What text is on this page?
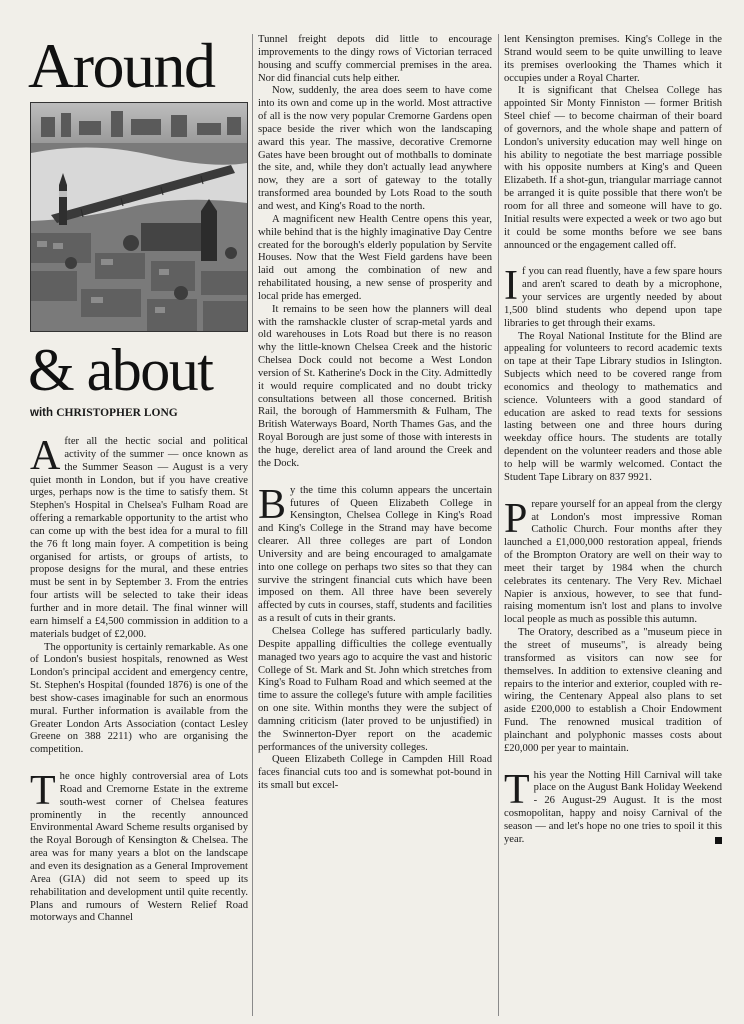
Around
& about
with CHRISTOPHER LONG

After all the hectic social and political activity of the summer — once known as the Summer Season — August is a very quiet month in London, but if you have creative urges, perhaps now is the time to satisfy them. St Stephen's Hospital in Chelsea's Fulham Road are offering a remarkable opportunity to the artist who can come up with the best idea for a mural to fill the 76 ft long main foyer. A competition is being organised for artists, or groups of artists, to propose designs for the mural, and these entries must be sent in by September 3. From the entries four artists will be selected to take their ideas further and in more detail. The final winner will earn himself a £4,500 commission in addition to a materials budget of £2,000.

The opportunity is certainly remarkable. As one of London's busiest hospitals, renowned as West London's principal accident and emergency centre, St. Stephen's Hospital (founded 1876) is one of the best show-cases imaginable for such an enormous mural. Further information is available from the Greater London Arts Association (contact Lesley Greene on 388 2211) who are organising the competition.

The once highly controversial area of Lots Road and Cremorne Estate in the extreme south-west corner of Chelsea features prominently in the recently announced Environmental Award Scheme results organised by the Royal Borough of Kensington & Chelsea. The area was for many years a blot on the landscape and even its designation as a General Improvement Area (GIA) did not seem to speed up its rehabilitation and development until quite recently. Plans and rumours of Western Relief Road motorways and Channel

Tunnel freight depots did little to encourage improvements to the dingy rows of Victorian terraced housing and scuffy commercial premises in the area. Nor did financial cuts help either.

Now, suddenly, the area does seem to have come into its own and come up in the world. Most attractive of all is the now very popular Cremorne Gardens open space beside the river which won the landscaping award this year. The massive, decorative Cremorne Gates have been brought out of mothballs to dominate the site, and, while they don't actually lead anywhere now, they are a sort of gateway to the totally transformed area bounded by Lots Road to the south and west, and King's Road to the north.

A magnificent new Health Centre opens this year, while behind that is the highly imaginative Day Centre created for the borough's elderly population by Servite Houses. Now that the West Field gardens have been laid out among the combination of new and rehabilitated housing, a new sense of prosperity and local pride has emerged.

It remains to be seen how the planners will deal with the ramshackle cluster of scrap-metal yards and old warehouses in Lots Road but there is no reason why the little-known Chelsea Creek and the historic Chelsea Dock could not become a West London version of St. Katherine's Dock in the City. Admittedly it would require complicated and no doubt tricky consultations between all those concerned. British Rail, the borough of Hammersmith & Fulham, The British Waterways Board, North Thames Gas, and the Royal Borough are just some of those with interests in the huge, derelict area of land around the Creek and the Dock.

By the time this column appears the uncertain futures of Queen Elizabeth College in Kensington, Chelsea College in King's Road and King's College in the Strand may have become clearer. All three colleges are part of London University and are being encouraged to amalgamate into one college on perhaps two sites so that they can survive the stringent financial cuts which have been imposed on them. All three have been severely affected by cuts in courses, staff, students and facilities as a result of cuts in their grants.

Chelsea College has suffered particularly badly. Despite appalling difficulties the college eventually managed two years ago to acquire the vast and historic College of St. Mark and St. John which stretches from King's Road to Fulham Road and which seemed at the time to assure the college's future with ample facilities on one site. Within months they were the subject of damning criticism (later proved to be unjustified) in the Swinnerton-Dyer report on the academic performances of the university colleges.

Queen Elizabeth College in Campden Hill Road faces financial cuts too and is somewhat pot-bound in its small but excel-

lent Kensington premises. King's College in the Strand would seem to be quite unwilling to leave its premises overlooking the Thames which it occupies under a Royal Charter.

It is significant that Chelsea College has appointed Sir Monty Finniston — former British Steel chief — to become chairman of their board of governors, and the whole shape and pattern of London's university education may well hinge on his ability to negotiate the best marriage possible with his opposite numbers at King's and Queen Elizabeth. If a shot-gun, triangular marriage cannot be arranged it is quite possible that there won't be room for all three and someone will have to go. Initial results were expected a week or two ago but it could be some months before we see bans announced or the engagement called off.

If you can read fluently, have a few spare hours and aren't scared to death by a microphone, your services are urgently needed by about 1,500 blind students who depend upon tape libraries to get through their exams.

The Royal National Institute for the Blind are appealing for volunteers to record academic texts on tape at their Tape Library studios in Islington. Subjects which need to be covered range from economics and theology to mathematics and science. Volunteers with a good standard of education are asked to read texts for sessions lasting between one and three hours during weekday office hours. The students are totally dependent on the volunteer readers and those able to help will be warmly welcomed. Contact the Student Tape Library on 837 9921.

Prepare yourself for an appeal from the clergy at London's most impressive Roman Catholic Church. Four months after they launched a £1,000,000 restoration appeal, friends of the Brompton Oratory are well on their way to meet their target by 1984 when the church celebrates its centenary. The Very Rev. Michael Napier is anxious, however, to see that fund-raising momentum isn't lost and plans to involve local people as much as possible this autumn.

The Oratory, described as a "museum piece in the street of museums", is already being transformed as visitors can now see for themselves. In addition to extensive cleaning and repairs to the interior and exterior, coupled with re-wiring, the Centenary Appeal also plans to set aside £200,000 to establish a Choir Endowment Fund. The renowned musical tradition of plainchant and polyphonic masses costs about £20,000 per year to maintain.

This year the Notting Hill Carnival will take place on the August Bank Holiday Weekend - 26 August-29 August. It is the most cosmopolitan, happy and noisy Carnival of the season — and let's hope no one tries to spoil it this year.
